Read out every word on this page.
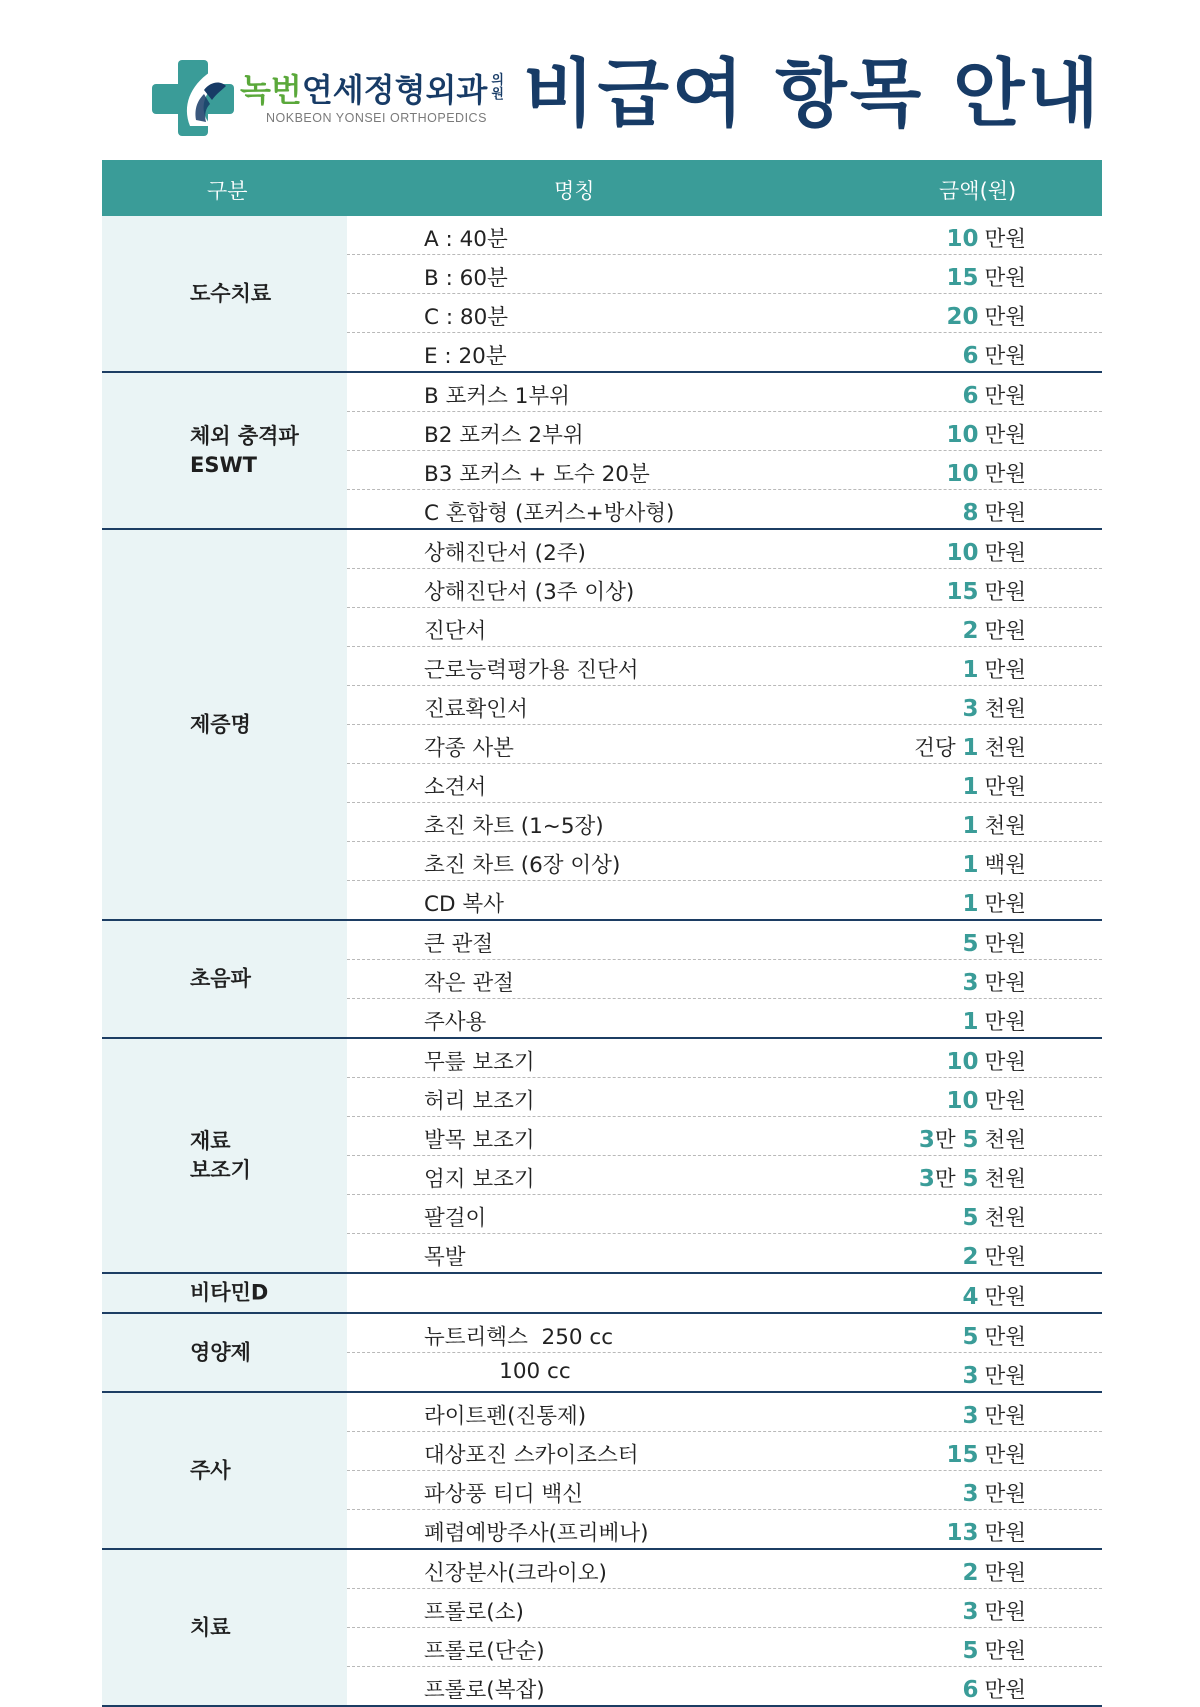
녹번 연세정형외과 의원
NOKBEON YONSEI ORTHOPEDICS 비급여 항목 안내
구분	명칭	금액(원)
도수치료
A : 40분	10 만원
B : 60분	15 만원
C : 80분	20 만원
E : 20분	6 만원
체외 충격파
ESWT
B 포커스 1부위	6 만원
B2 포커스 2부위	10 만원
B3 포커스 + 도수 20분	10 만원
C 혼합형 (포커스+방사형)	8 만원
제증명
상해진단서 (2주)	10 만원
상해진단서 (3주 이상)	15 만원
진단서	2 만원
근로능력평가용 진단서	1 만원
진료확인서	3 천원
각종 사본	건당 1 천원
소견서	1 만원
초진 차트 (1~5장)	1 천원
초진 차트 (6장 이상)	1 백원
CD 복사	1 만원
초음파
큰 관절	5 만원
작은 관절	3 만원
주사용	1 만원
재료
보조기
무릎 보조기	10 만원
허리 보조기	10 만원
발목 보조기	3만 5 천원
엄지 보조기	3만 5 천원
팔걸이	5 천원
목발	2 만원
비타민D	4 만원
영양제
뉴트리헥스  250 cc	5 만원
100 cc	3 만원
주사
라이트펜(진통제)	3 만원
대상포진 스카이조스터	15 만원
파상풍 티디 백신	3 만원
폐렴예방주사(프리베나)	13 만원
치료
신장분사(크라이오)	2 만원
프롤로(소)	3 만원
프롤로(단순)	5 만원
프롤로(복잡)	6 만원
